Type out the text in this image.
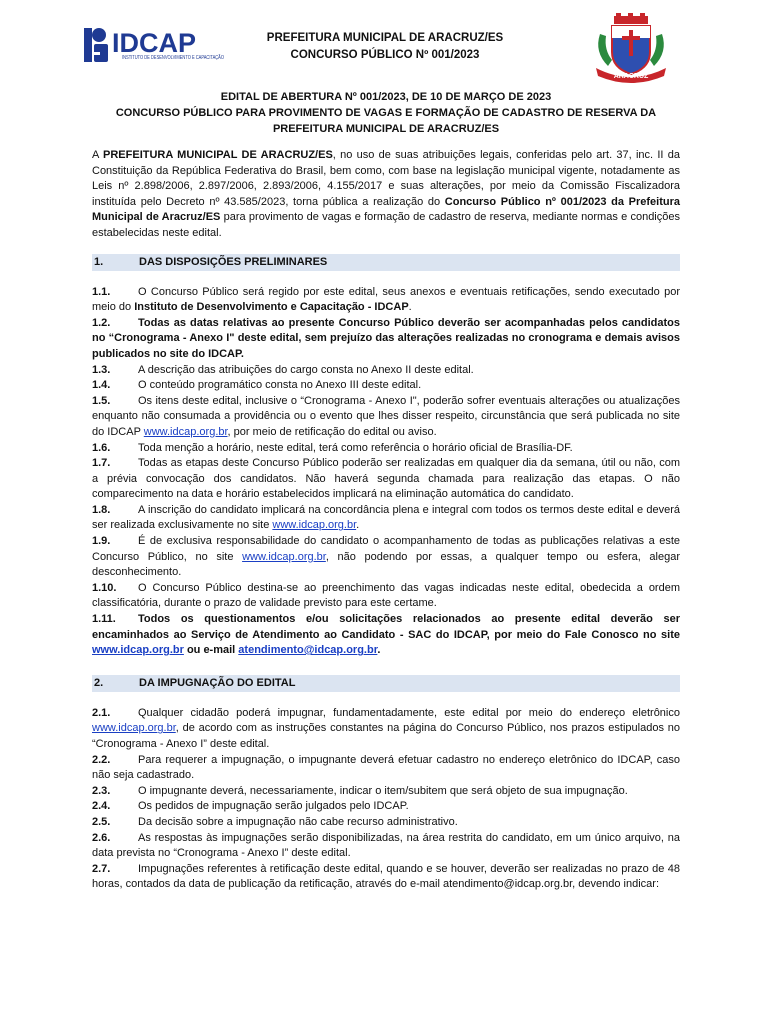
IDCAP
INSTITUTO DE DESENVOLVIMENTO E CAPACITAÇÃO
PREFEITURA MUNICIPAL DE ARACRUZ/ES
CONCURSO PÚBLICO Nº 001/2023
ARACRUZ
EDITAL DE ABERTURA Nº 001/2023, DE 10 DE MARÇO DE 2023
CONCURSO PÚBLICO PARA PROVIMENTO DE VAGAS E FORMAÇÃO DE CADASTRO DE RESERVA DA
PREFEITURA MUNICIPAL DE ARACRUZ/ES

A PREFEITURA MUNICIPAL DE ARACRUZ/ES, no uso de suas atribuições legais, conferidas pelo art. 37, inc. II da Constituição da República Federativa do Brasil, bem como, com base na legislação municipal vigente, notadamente as Leis nº 2.898/2006, 2.897/2006, 2.893/2006, 4.155/2017 e suas alterações, por meio da Comissão Fiscalizadora instituída pelo Decreto nº 43.585/2023, torna pública a realização do Concurso Público nº 001/2023 da Prefeitura Municipal de Aracruz/ES para provimento de vagas e formação de cadastro de reserva, mediante normas e condições estabelecidas neste edital.

1.	DAS DISPOSIÇÕES PRELIMINARES

1.1.	O Concurso Público será regido por este edital, seus anexos e eventuais retificações, sendo executado por meio do Instituto de Desenvolvimento e Capacitação - IDCAP.

1.2.	Todas as datas relativas ao presente Concurso Público deverão ser acompanhadas pelos candidatos no “Cronograma - Anexo I" deste edital, sem prejuízo das alterações realizadas no cronograma e demais avisos publicados no site do IDCAP.

1.3.	A descrição das atribuições do cargo consta no Anexo II deste edital.

1.4.	O conteúdo programático consta no Anexo III deste edital.

1.5.	Os itens deste edital, inclusive o “Cronograma - Anexo I", poderão sofrer eventuais alterações ou atualizações enquanto não consumada a providência ou o evento que lhes disser respeito, circunstância que será publicada no site do IDCAP www.idcap.org.br, por meio de retificação do edital ou aviso.

1.6.	Toda menção a horário, neste edital, terá como referência o horário oficial de Brasília-DF.

1.7.	Todas as etapas deste Concurso Público poderão ser realizadas em qualquer dia da semana, útil ou não, com a prévia convocação dos candidatos. Não haverá segunda chamada para realização das etapas. O não comparecimento na data e horário estabelecidos implicará na eliminação automática do candidato.

1.8.	A inscrição do candidato implicará na concordância plena e integral com todos os termos deste edital e deverá ser realizada exclusivamente no site www.idcap.org.br.

1.9.	É de exclusiva responsabilidade do candidato o acompanhamento de todas as publicações relativas a este Concurso Público, no site www.idcap.org.br, não podendo por essas, a qualquer tempo ou esfera, alegar desconhecimento.

1.10. O Concurso Público destina-se ao preenchimento das vagas indicadas neste edital, obedecida a ordem classificatória, durante o prazo de validade previsto para este certame.

1.11. Todos os questionamentos e/ou solicitações relacionados ao presente edital deverão ser encaminhados ao Serviço de Atendimento ao Candidato - SAC do IDCAP, por meio do Fale Conosco no site www.idcap.org.br ou e-mail atendimento@idcap.org.br.

2.	DA IMPUGNAÇÃO DO EDITAL

2.1.	Qualquer cidadão poderá impugnar, fundamentadamente, este edital por meio do endereço eletrônico www.idcap.org.br, de acordo com as instruções constantes na página do Concurso Público, nos prazos estipulados no “Cronograma - Anexo I” deste edital.

2.2.	Para requerer a impugnação, o impugnante deverá efetuar cadastro no endereço eletrônico do IDCAP, caso não seja cadastrado.

2.3.	O impugnante deverá, necessariamente, indicar o item/subitem que será objeto de sua impugnação.

2.4.	Os pedidos de impugnação serão julgados pelo IDCAP.

2.5.	Da decisão sobre a impugnação não cabe recurso administrativo.

2.6.	As respostas às impugnações serão disponibilizadas, na área restrita do candidato, em um único arquivo, na data prevista no “Cronograma - Anexo I” deste edital.

2.7.	Impugnações referentes à retificação deste edital, quando e se houver, deverão ser realizadas no prazo de 48 horas, contados da data de publicação da retificação, através do e-mail atendimento@idcap.org.br, devendo indicar:
